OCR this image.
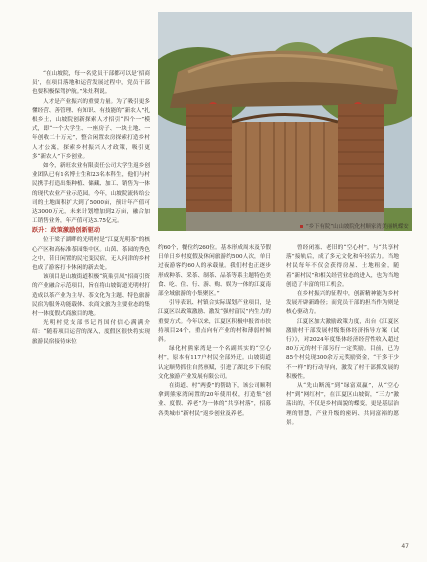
“乡下有院”山山坡院化村顺家湾美丽帆蝶安

“在山坡院，每一名党员干部都可以是‘招商员’，在项目落地和运营发展过程中，党员干部也要积极保驾护航。”朱灶利说。

人才是产业振兴的重要力量。为了吸引更多懂经营、善管理、有知识、有技能的“新农人”扎根乡土，山坡院创新探索人才招引“四个一”模式，即“一个大学生、一座房子、一块土地、一年创收二十万元”，整合闲置农房探索打造乡村人才公寓，探索乡村振兴人才政策，吸引更多“新农人”下乡创业。

如今，新旺农业有限责任公司大学生返乡创业团队已有1名博士生和23名本科生，他们与村民携手打造出集种植、储藏、加工、销售为一体的现代农业产业示范园。今年，山坡院流转给公司的土地面积扩大到了5000亩，预计年产值可达3000万元，未来计划增加到2万亩，融合加工销售业务，年产值可达3.75亿元。

跃升：政策激励创新驱动

位于梁子湖畔的光明村是“江夏光明茶”的核心产区和高标准茶园集中区。山茵、茶园的秀色之中，昔日闲置的民宅变民宿，无人问津的乡村也成了游客打卡休闲的新去处。

该项目是山坡街道积极“筑巢引凤”招商引资的产业融合示范项目，旨在将山坡街道光明村打造成以茶产业为主导、茶文化为主题、特色旅游民宿为服务功能载体、农商文旅为主要业态的集村一体度假式商旅目的地。

光明村党支部书记肖国付信心满满介绍：“随着项目运营的深入，度假区很快将实现旅游民宿接待床位

约60个，餐位约260位。基本形成周末及节假日单日乡村度假及休闲旅游约500人次，单日过夜游客约60人的承载量。我们村也正逐步形成种茶、采茶、制茶、品茶等系主题特色美食、吃、住、行、游、购、娱为一体的江夏南部全域旅游的小集聚区。”

引导表讯、村镇合实际谋划产业项目，是江夏区以政策激励、激发“强村富民”内生力的重要方式。今年以来，江夏区积极申报省市扶持项目24个，重点向有产业的村和薄弱村倾斜。

绿化村熊家湾是一个名副其实的“空心村”，原本有117户村民全部外迁。山坡街道认定顺势抓住自然禀赋，引进了湖北乡下有院文化旅游产业发展有限公司。

在街道、村“两委”的帮助下，该公司顺利拿到熊家湾闲置的20年使用权，打造集“创业、度假、养老”为一体的“共享村落”，招募各类城市“新村民”返乡创业及养老。

曾经闭塞、老旧的“空心村”，与“共享村落”接轨后，成了多元文化和年轻活力。当地村民每年不仅会获得房屋、土地租金，随着“新村民”和相关经营业态的进入，也为当地创造了丰富的用工机会。

在乡村振兴的征程中，创新精神能为乡村发展开辟新路径；而党员干部的担当作为则是核心驱动力。

江夏区加大激励政策力度，出台《江夏区激励村干部发展村级集体经济指导方案（试行）》，对2024年度集体经济经营性收入超过80万元的村干部另行一定奖励。目前，已为85个村兑现300余万元奖励资金，“干多干少不一样”的行动导向，激发了村干部抓发展的积极性。

从“先山断流”到“绿富双赢”，从“空心村”到“网红村”，在江夏区山坡街，“三力”激荡出的，不仅是乡村面貌的蝶变，更是基层治理的智慧，产业升级的密码、共同富裕的愿景。

47
